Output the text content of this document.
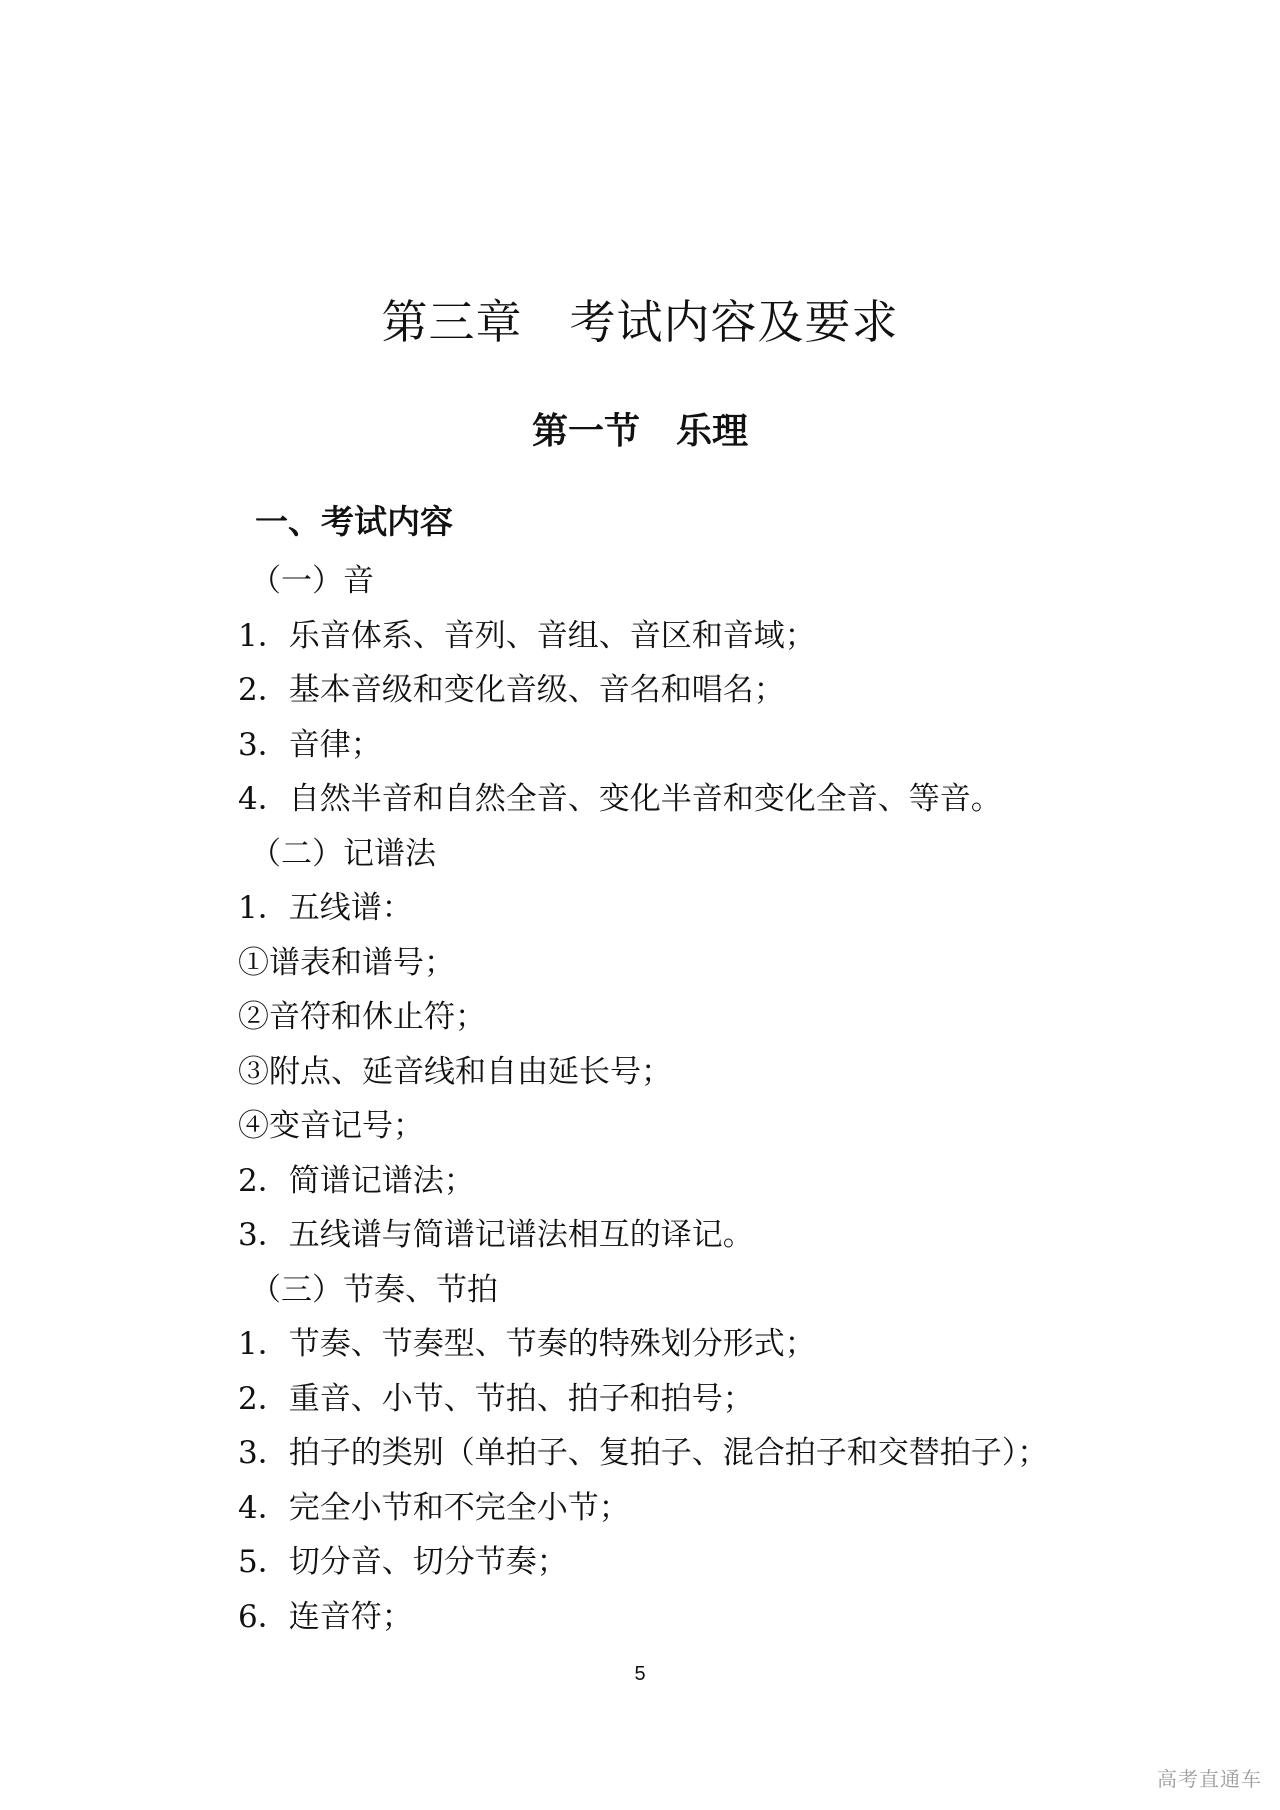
第三章　考试内容及要求
第一节　乐理
一、考试内容
（一）音
1．乐音体系、音列、音组、音区和音域；
2．基本音级和变化音级、音名和唱名；
3．音律；
4．自然半音和自然全音、变化半音和变化全音、等音。
（二）记谱法
1．五线谱：
①谱表和谱号；
②音符和休止符；
③附点、延音线和自由延长号；
④变音记号；
2．简谱记谱法；
3．五线谱与简谱记谱法相互的译记。
（三）节奏、节拍
1．节奏、节奏型、节奏的特殊划分形式；
2．重音、小节、节拍、拍子和拍号；
3．拍子的类别（单拍子、复拍子、混合拍子和交替拍子）；
4．完全小节和不完全小节；
5．切分音、切分节奏；
6．连音符；
5
高考直通车
